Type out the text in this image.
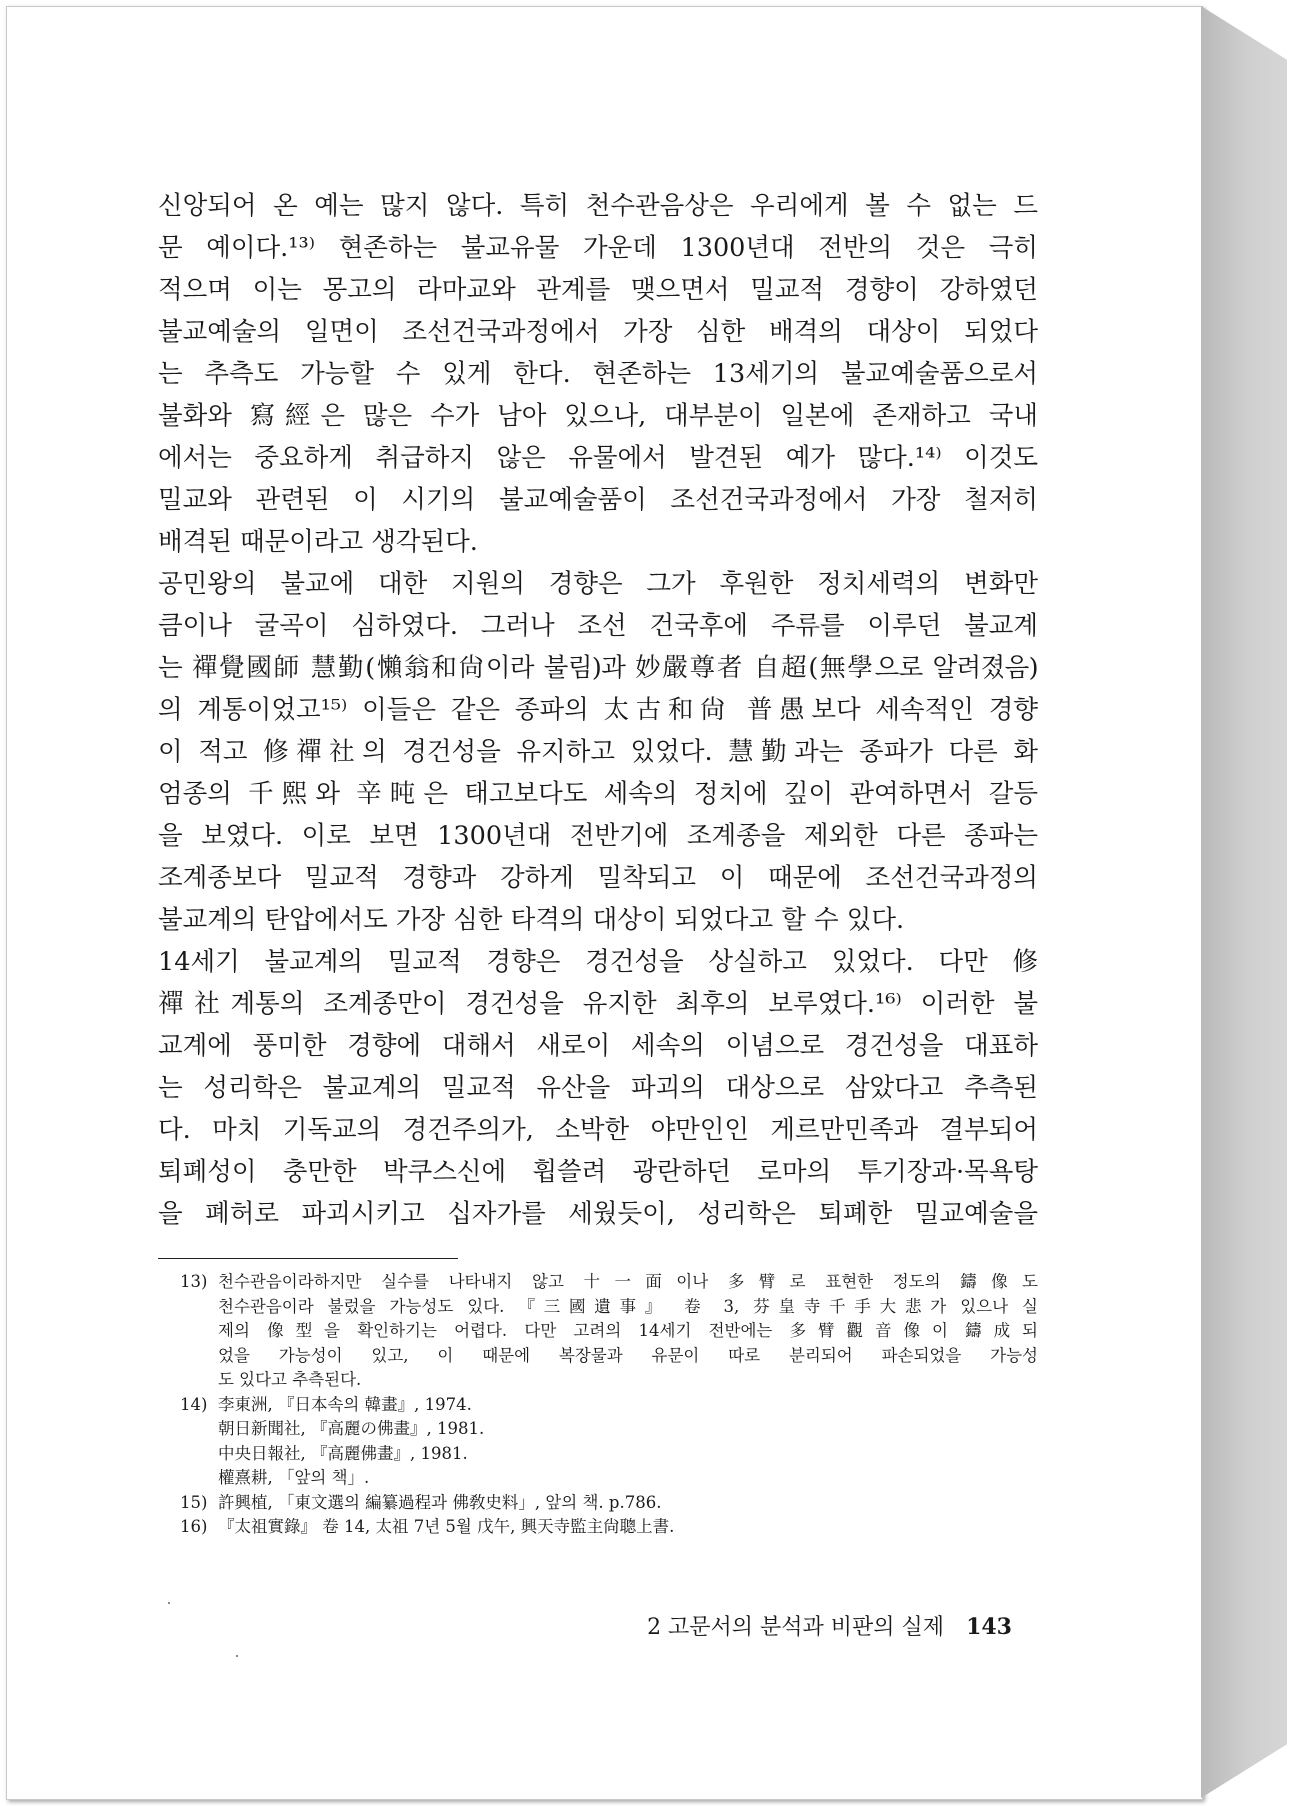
신앙되어 온 예는 많지 않다. 특히 천수관음상은 우리에게 볼 수 없는 드
문 예이다.¹³⁾ 현존하는 불교유물 가운데 1300년대 전반의 것은 극히
적으며 이는 몽고의 라마교와 관계를 맺으면서 밀교적 경향이 강하였던
불교예술의 일면이 조선건국과정에서 가장 심한 배격의 대상이 되었다
는 추측도 가능할 수 있게 한다. 현존하는 13세기의 불교예술품으로서
불화와 寫經은 많은 수가 남아 있으나, 대부분이 일본에 존재하고 국내
에서는 중요하게 취급하지 않은 유물에서 발견된 예가 많다.¹⁴⁾ 이것도
밀교와 관련된 이 시기의 불교예술품이 조선건국과정에서 가장 철저히
배격된 때문이라고 생각된다.
공민왕의 불교에 대한 지원의 경향은 그가 후원한 정치세력의 변화만
큼이나 굴곡이 심하였다. 그러나 조선 건국후에 주류를 이루던 불교계
는 禪覺國師 慧勤(懶翁和尙이라 불림)과 妙嚴尊者 自超(無學으로 알려졌음)
의 계통이었고¹⁵⁾ 이들은 같은 종파의 太古和尙 普愚보다 세속적인 경향
이 적고 修禪社의 경건성을 유지하고 있었다. 慧勤과는 종파가 다른 화
엄종의 千熙와 辛旽은 태고보다도 세속의 정치에 깊이 관여하면서 갈등
을 보였다. 이로 보면 1300년대 전반기에 조계종을 제외한 다른 종파는
조계종보다 밀교적 경향과 강하게 밀착되고 이 때문에 조선건국과정의
불교계의 탄압에서도 가장 심한 타격의 대상이 되었다고 할 수 있다.
14세기 불교계의 밀교적 경향은 경건성을 상실하고 있었다. 다만 修
禪社계통의 조계종만이 경건성을 유지한 최후의 보루였다.¹⁶⁾ 이러한 불
교계에 풍미한 경향에 대해서 새로이 세속의 이념으로 경건성을 대표하
는 성리학은 불교계의 밀교적 유산을 파괴의 대상으로 삼았다고 추측된
다. 마치 기독교의 경건주의가, 소박한 야만인인 게르만민족과 결부되어
퇴폐성이 충만한 박쿠스신에 휩쓸려 광란하던 로마의 투기장과·목욕탕
을 폐허로 파괴시키고 십자가를 세웠듯이, 성리학은 퇴폐한 밀교예술을
13) 천수관음이라하지만 실수를 나타내지 않고 十一面이나 多臂로 표현한 정도의 鑄像도
천수관음이라 불렀을 가능성도 있다. 『三國遺事』 卷 3, 芬皇寺千手大悲가 있으나 실
제의 像型을 확인하기는 어렵다. 다만 고려의 14세기 전반에는 多臂觀音像이 鑄成되
었을 가능성이 있고, 이 때문에 복장물과 유문이 따로 분리되어 파손되었을 가능성
도 있다고 추측된다.
14) 李東洲, 『日本속의 韓畫』, 1974.
朝日新聞社, 『高麗の佛畫』, 1981.
中央日報社, 『高麗佛畫』, 1981.
權熹耕, 「앞의 책」.
15) 許興植, 「東文選의 編纂過程과 佛敎史料」, 앞의 책. p.786.
16) 『太祖實錄』 卷 14, 太祖 7년 5월 戊午, 興天寺監主尙聰上書.
2 고문서의 분석과 비판의 실제 143
